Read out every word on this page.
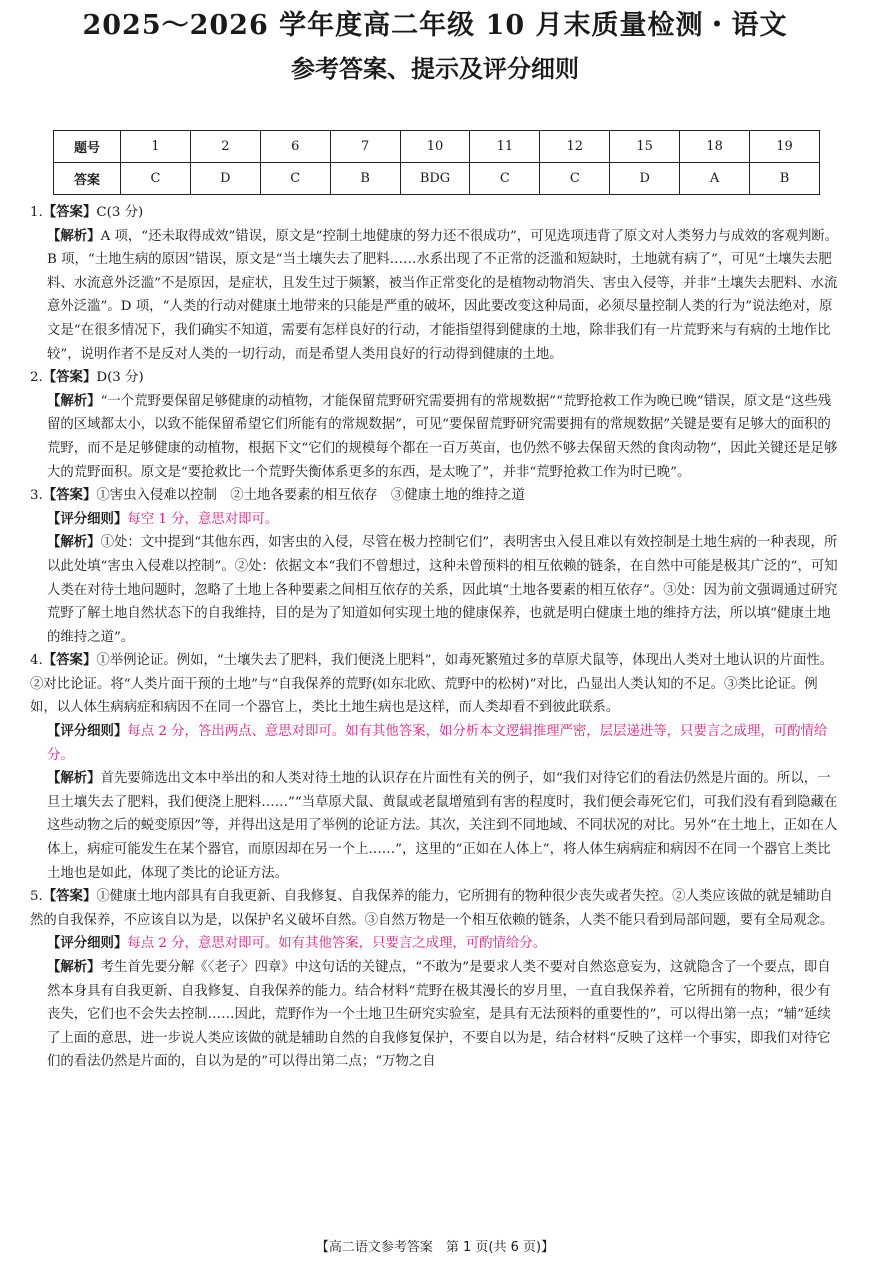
2025～2026 学年度高二年级 10 月末质量检测・语文
参考答案、提示及评分细则
题号	1	2	6	7	10	11	12	15	18	19
答案	C	D	C	B	BDG	C	C	D	A	B
1.【答案】C(3 分)
【解析】A 项，“还未取得成效”错误，原文是“控制土地健康的努力还不很成功”，可见选项违背了原文对人类努力与成效的客观判断。B 项，“土地生病的原因”错误，原文是“当土壤失去了肥料……水系出现了不正常的泛滥和短缺时，土地就有病了”，可见“土壤失去肥料、水流意外泛滥”不是原因，是症状，且发生过于频繁，被当作正常变化的是植物动物消失、害虫入侵等，并非“土壤失去肥料、水流意外泛滥”。D 项，“人类的行动对健康土地带来的只能是严重的破坏，因此要改变这种局面，必须尽量控制人类的行为”说法绝对，原文是“在很多情况下，我们确实不知道，需要有怎样良好的行动，才能指望得到健康的土地，除非我们有一片荒野来与有病的土地作比较”，说明作者不是反对人类的一切行动，而是希望人类用良好的行动得到健康的土地。
2.【答案】D(3 分)
【解析】“一个荒野要保留足够健康的动植物，才能保留荒野研究需要拥有的常规数据”“荒野抢救工作为晚已晚”错误，原文是“这些残留的区域都太小，以致不能保留希望它们所能有的常规数据”，可见“要保留荒野研究需要拥有的常规数据”关键是要有足够大的面积的荒野，而不是足够健康的动植物，根据下文“它们的规模每个都在一百万英亩，也仍然不够去保留天然的食肉动物”，因此关键还是足够大的荒野面积。原文是“要抢救比一个荒野失衡体系更多的东西，是太晚了”，并非“荒野抢救工作为时已晚”。
3.【答案】①害虫入侵难以控制　②土地各要素的相互依存　③健康土地的维持之道
【评分细则】每空 1 分，意思对即可。
【解析】①处：文中提到“其他东西，如害虫的入侵，尽管在极力控制它们”，表明害虫入侵且难以有效控制是土地生病的一种表现，所以此处填“害虫入侵难以控制”。②处：依据文本“我们不曾想过，这种未曾预料的相互依赖的链条，在自然中可能是极其广泛的”，可知人类在对待土地问题时，忽略了土地上各种要素之间相互依存的关系，因此填“土地各要素的相互依存”。③处：因为前文强调通过研究荒野了解土地自然状态下的自我维持，目的是为了知道如何实现土地的健康保养，也就是明白健康土地的维持方法，所以填“健康土地的维持之道”。
4.【答案】①举例论证。例如，“土壤失去了肥料，我们便浇上肥料”，如毒死繁殖过多的草原犬鼠等，体现出人类对土地认识的片面性。②对比论证。将“人类片面干预的土地”与“自我保养的荒野(如东北欧、荒野中的松树)”对比，凸显出人类认知的不足。③类比论证。例如，以人体生病病症和病因不在同一个器官上，类比土地生病也是这样，而人类却看不到彼此联系。
【评分细则】每点 2 分，答出两点、意思对即可。如有其他答案，如分析本文逻辑推理严密，层层递进等，只要言之成理，可酌情给分。
【解析】首先要筛选出文本中举出的和人类对待土地的认识存在片面性有关的例子，如“我们对待它们的看法仍然是片面的。所以，一旦土壤失去了肥料，我们便浇上肥料……”“当草原犬鼠、黄鼠或老鼠增殖到有害的程度时，我们便会毒死它们，可我们没有看到隐藏在这些动物之后的蜕变原因”等，并得出这是用了举例的论证方法。其次，关注到不同地域、不同状况的对比。另外“在土地上，正如在人体上，病症可能发生在某个器官，而原因却在另一个上……”，这里的“正如在人体上”，将人体生病病症和病因不在同一个器官上类比土地也是如此，体现了类比的论证方法。
5.【答案】①健康土地内部具有自我更新、自我修复、自我保养的能力，它所拥有的物种很少丧失或者失控。②人类应该做的就是辅助自然的自我保养，不应该自以为是，以保护名义破坏自然。③自然万物是一个相互依赖的链条，人类不能只看到局部问题，要有全局观念。
【评分细则】每点 2 分，意思对即可。如有其他答案，只要言之成理，可酌情给分。
【解析】考生首先要分解《〈老子〉四章》中这句话的关键点，“不敢为”是要求人类不要对自然恣意妄为，这就隐含了一个要点，即自然本身具有自我更新、自我修复、自我保养的能力。结合材料“荒野在极其漫长的岁月里，一直自我保养着，它所拥有的物种，很少有丧失，它们也不会失去控制……因此，荒野作为一个土地卫生研究实验室，是具有无法预料的重要性的”，可以得出第一点；“辅”延续了上面的意思，进一步说人类应该做的就是辅助自然的自我修复保护，不要自以为是，结合材料“反映了这样一个事实，即我们对待它们的看法仍然是片面的，自以为是的”可以得出第二点；“万物之自
【高二语文参考答案　第 1 页(共 6 页)】
